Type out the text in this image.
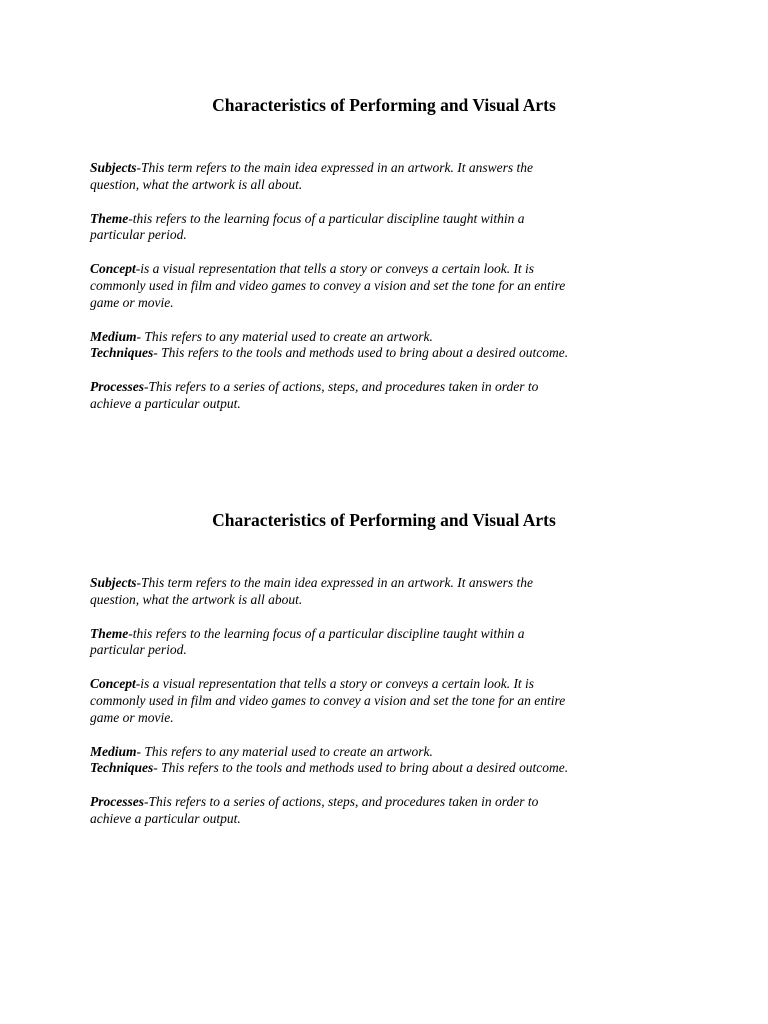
Characteristics of Performing and Visual Arts

Subjects-This term refers to the main idea expressed in an artwork. It answers the question, what the artwork is all about.

Theme-this refers to the learning focus of a particular discipline taught within a particular period.

Concept-is a visual representation that tells a story or conveys a certain look. It is commonly used in film and video games to convey a vision and set the tone for an entire game or movie.

Medium- This refers to any material used to create an artwork.

Techniques- This refers to the tools and methods used to bring about a desired outcome.

Processes-This refers to a series of actions, steps, and procedures taken in order to achieve a particular output.

Characteristics of Performing and Visual Arts

Subjects-This term refers to the main idea expressed in an artwork. It answers the question, what the artwork is all about.

Theme-this refers to the learning focus of a particular discipline taught within a particular period.

Concept-is a visual representation that tells a story or conveys a certain look. It is commonly used in film and video games to convey a vision and set the tone for an entire game or movie.

Medium- This refers to any material used to create an artwork.

Techniques- This refers to the tools and methods used to bring about a desired outcome.

Processes-This refers to a series of actions, steps, and procedures taken in order to achieve a particular output.
